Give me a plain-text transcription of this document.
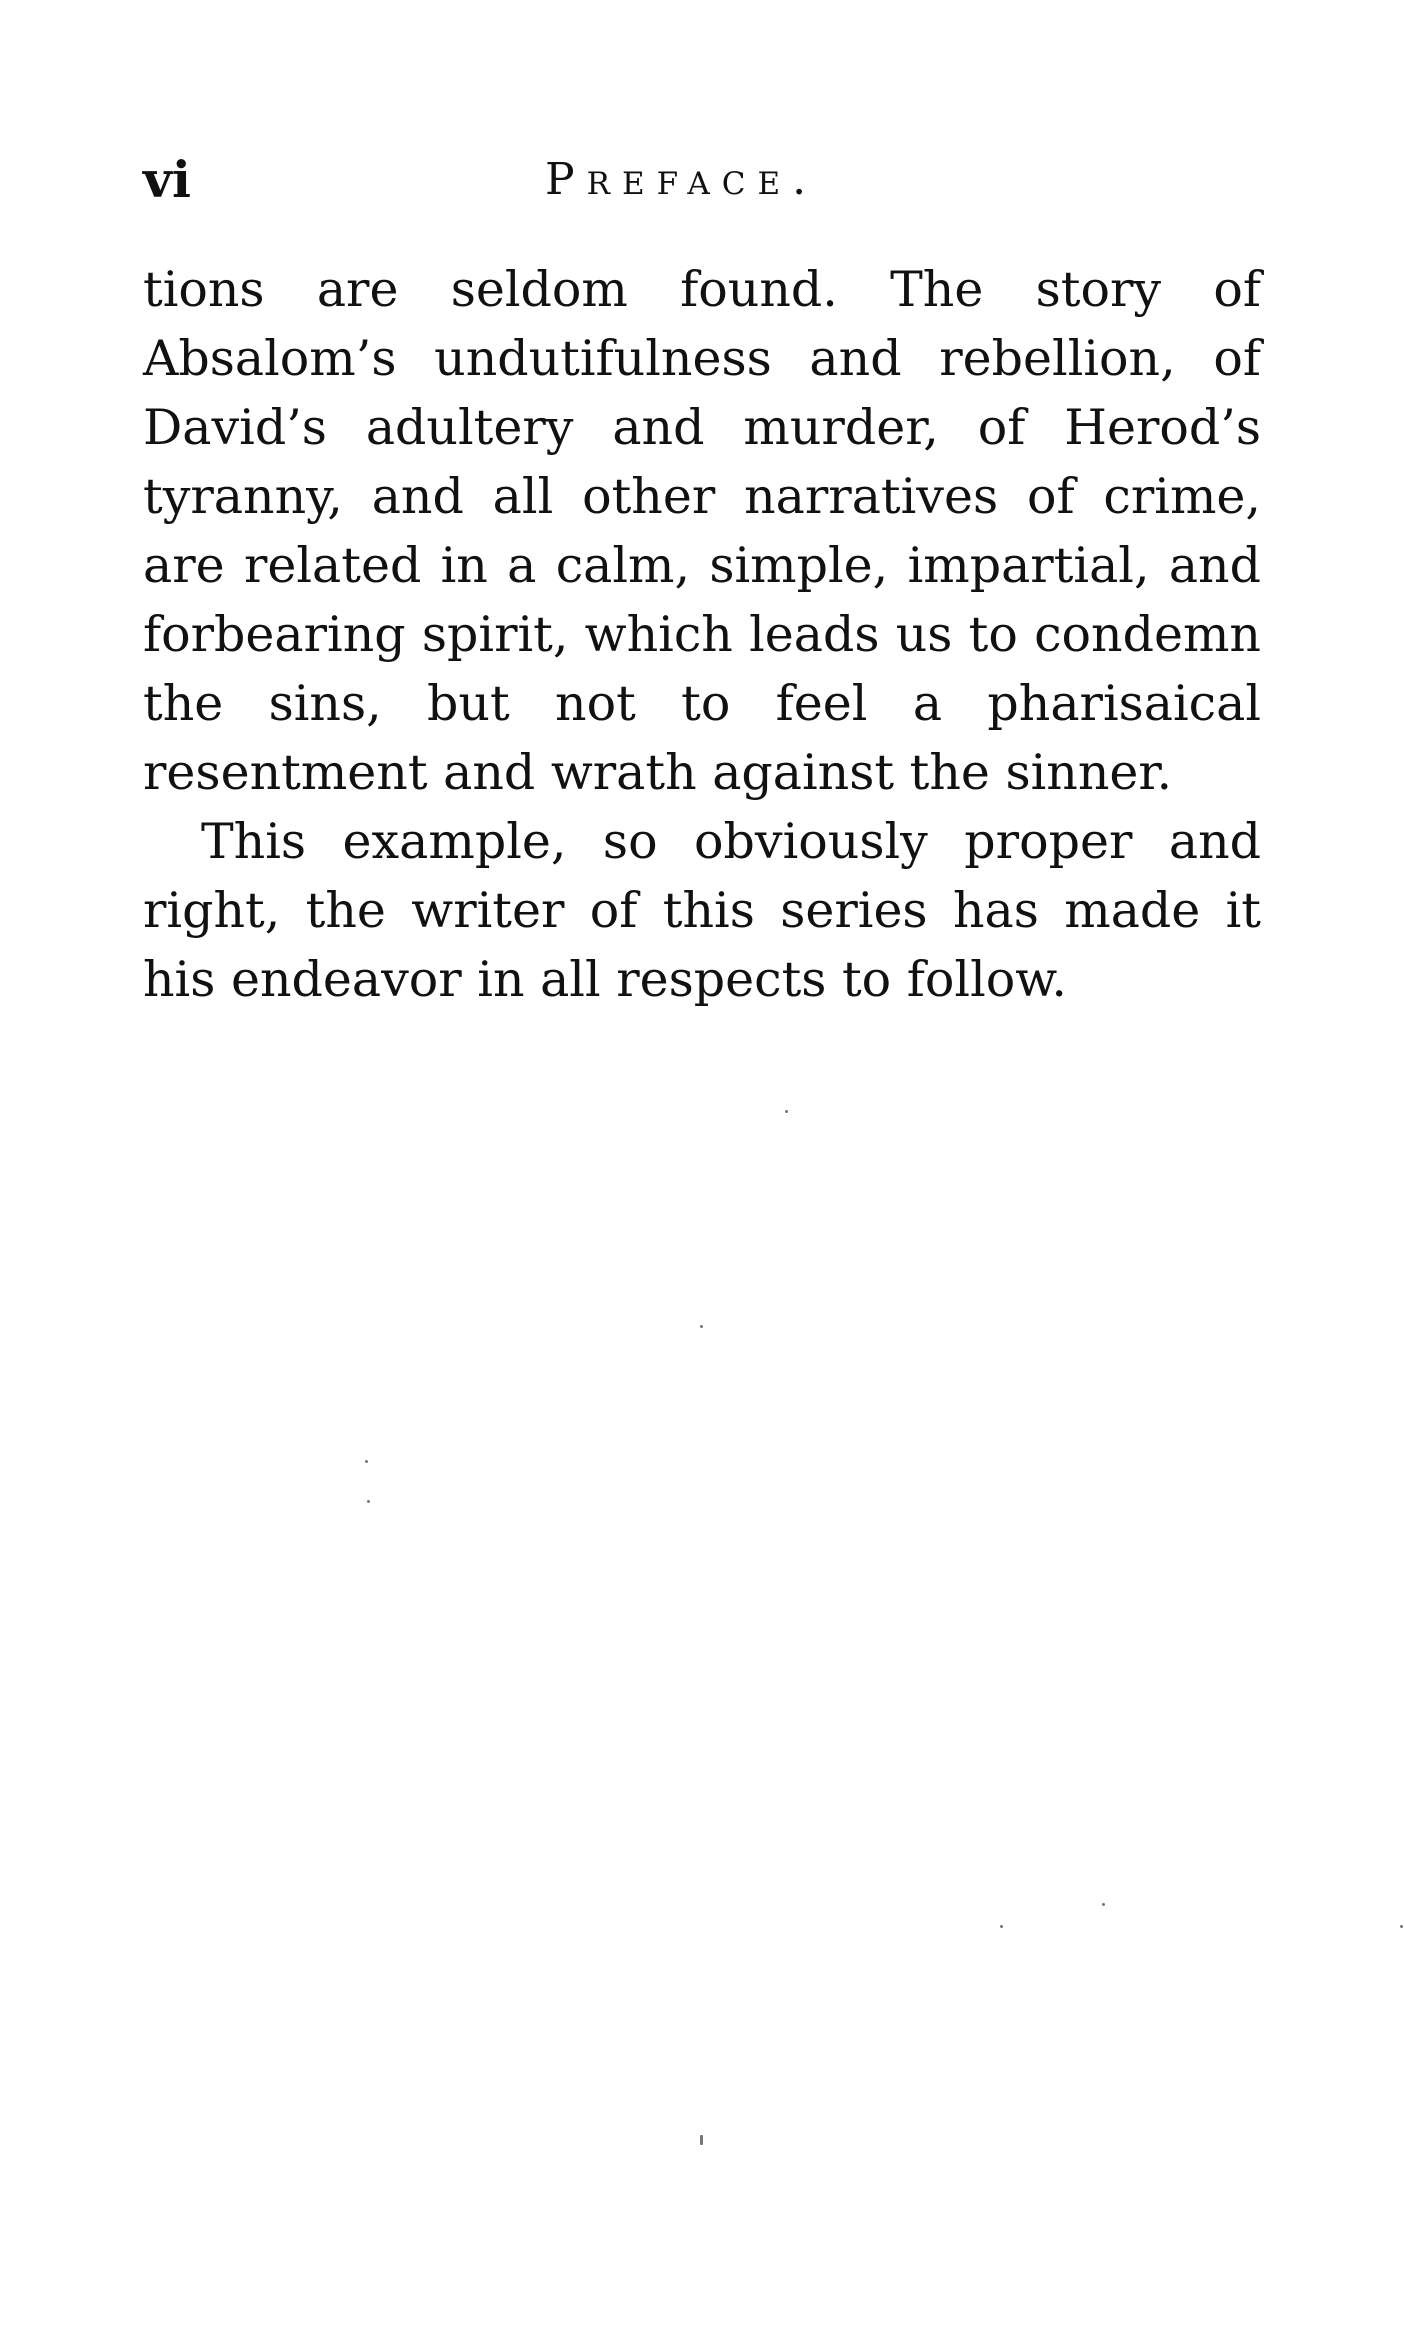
vi	Preface.

tions are seldom found. The story of Absalom’s undutifulness and rebellion, of David’s adultery and murder, of Herod’s tyranny, and all other narratives of crime, are related in a calm, simple, impartial, and forbearing spirit, which leads us to condemn the sins, but not to feel a pharisaical resentment and wrath against the sinner.

This example, so obviously proper and right, the writer of this series has made it his endeavor in all respects to follow.
